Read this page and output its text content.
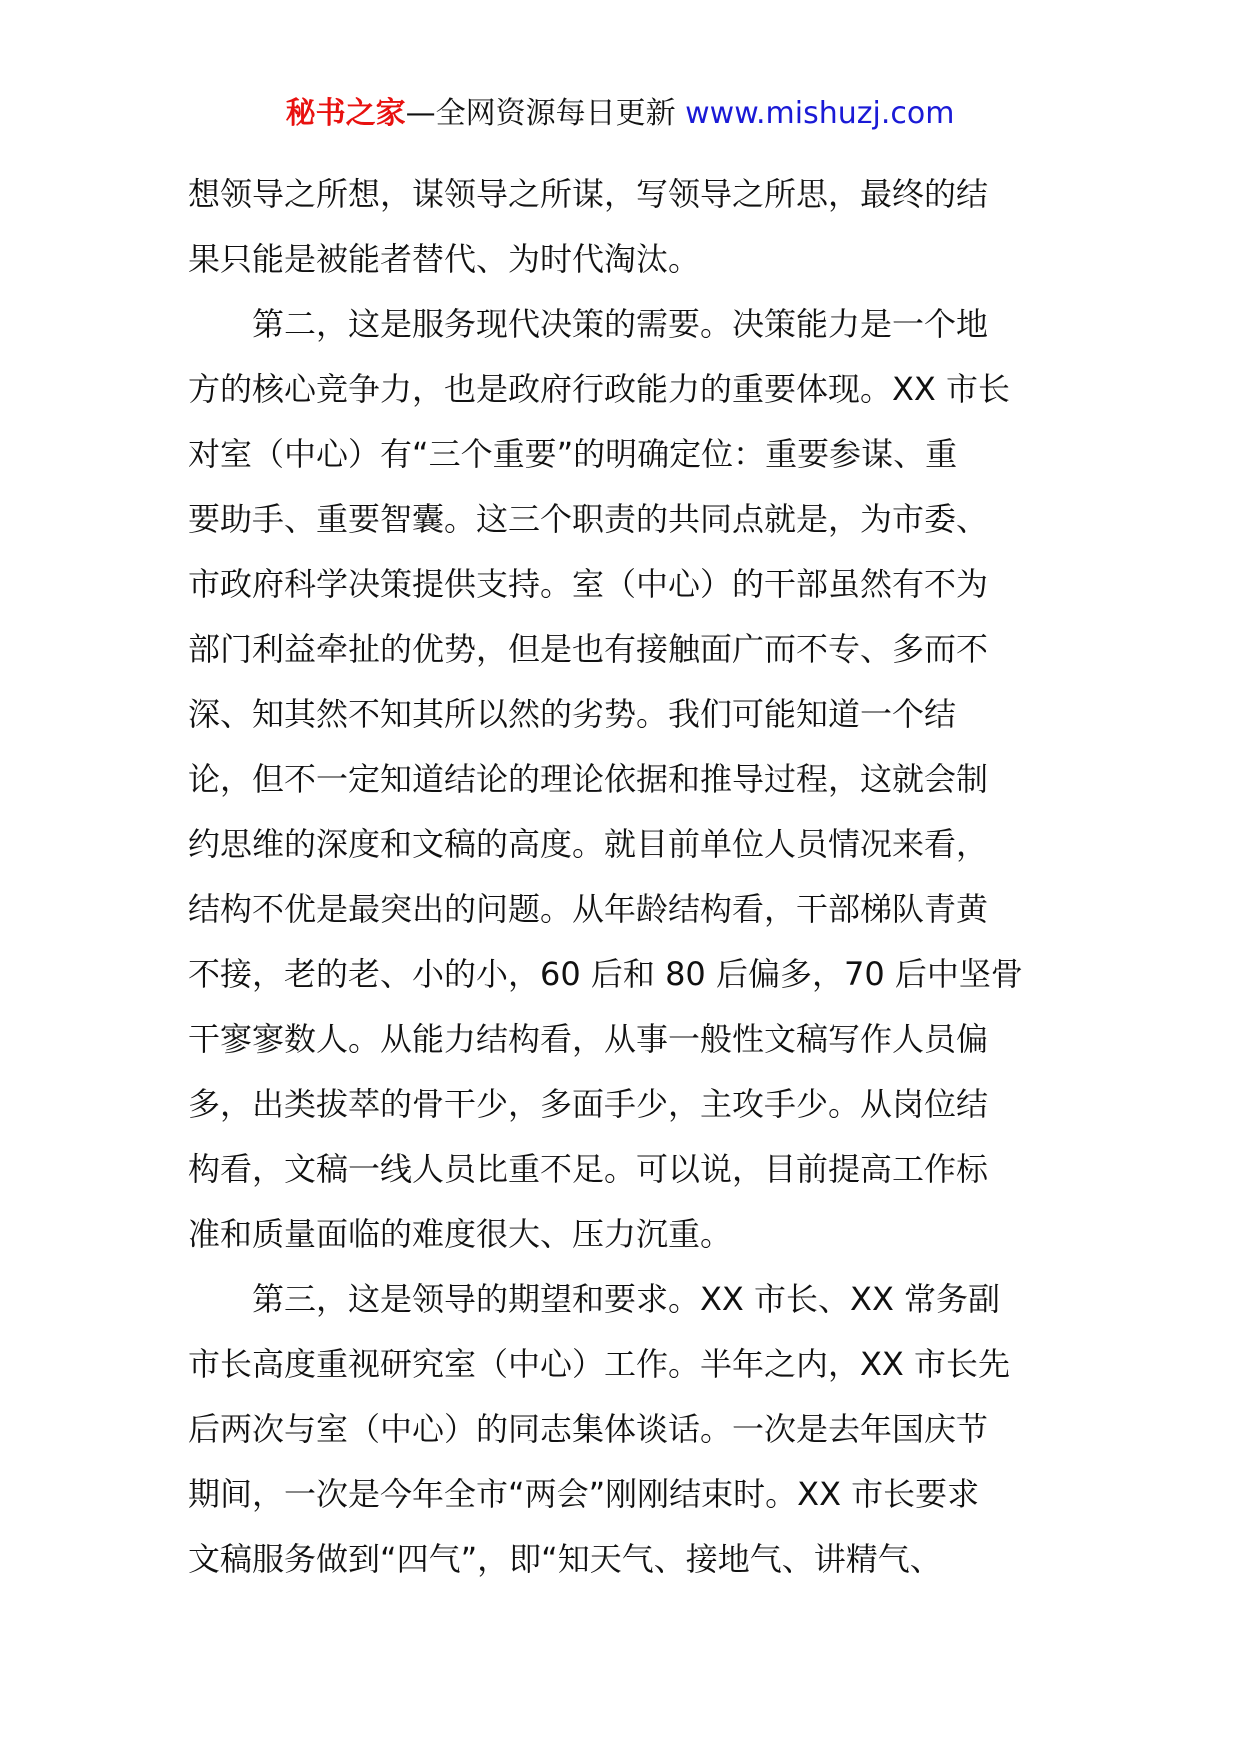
秘书之家—全网资源每日更新 www.mishuzj.com
想领导之所想，谋领导之所谋，写领导之所思，最终的结
果只能是被能者替代、为时代淘汰。
第二，这是服务现代决策的需要。决策能力是一个地
方的核心竞争力，也是政府行政能力的重要体现。XX 市长
对室（中心）有“三个重要”的明确定位：重要参谋、重
要助手、重要智囊。这三个职责的共同点就是，为市委、
市政府科学决策提供支持。室（中心）的干部虽然有不为
部门利益牵扯的优势，但是也有接触面广而不专、多而不
深、知其然不知其所以然的劣势。我们可能知道一个结
论，但不一定知道结论的理论依据和推导过程，这就会制
约思维的深度和文稿的高度。就目前单位人员情况来看，
结构不优是最突出的问题。从年龄结构看，干部梯队青黄
不接，老的老、小的小，60 后和 80 后偏多，70 后中坚骨
干寥寥数人。从能力结构看，从事一般性文稿写作人员偏
多，出类拔萃的骨干少，多面手少，主攻手少。从岗位结
构看，文稿一线人员比重不足。可以说，目前提高工作标
准和质量面临的难度很大、压力沉重。
第三，这是领导的期望和要求。XX 市长、XX 常务副
市长高度重视研究室（中心）工作。半年之内，XX 市长先
后两次与室（中心）的同志集体谈话。一次是去年国庆节
期间，一次是今年全市“两会”刚刚结束时。XX 市长要求
文稿服务做到“四气”，即“知天气、接地气、讲精气、
